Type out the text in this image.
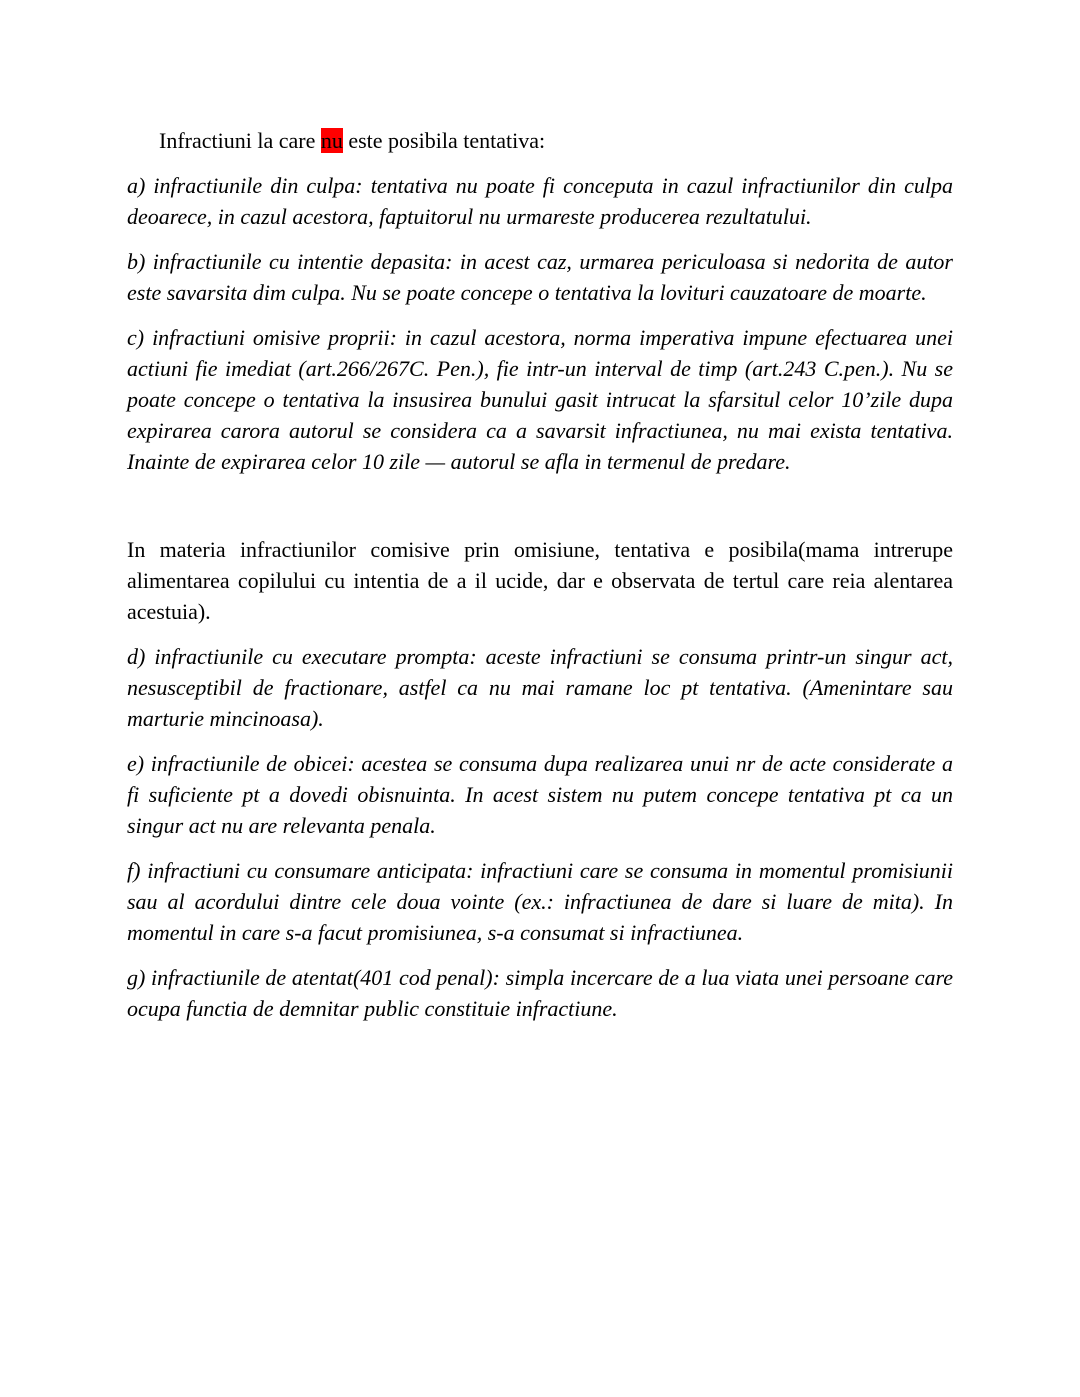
Infractiuni la care nu este posibila tentativa:

a) infractiunile din culpa: tentativa nu poate fi conceputa in cazul infractiunilor din culpa deoarece, in cazul acestora, faptuitorul nu urmareste producerea rezultatului.

b) infractiunile cu intentie depasita: in acest caz, urmarea periculoasa si nedorita de autor este savarsita dim culpa. Nu se poate concepe o tentativa la lovituri cauzatoare de moarte.

c) infractiuni omisive proprii: in cazul acestora, norma imperativa impune efectuarea unei actiuni fie imediat (art.266/267C. Pen.), fie intr-un interval de timp (art.243 C.pen.). Nu se poate concepe o tentativa la insusirea bunului gasit intrucat la sfarsitul celor 10’zile dupa expirarea carora autorul se considera ca a savarsit infractiunea, nu mai exista tentativa. Inainte de expirarea celor 10 zile — autorul se afla in termenul de predare.

In materia infractiunilor comisive prin omisiune, tentativa e posibila(mama intrerupe alimentarea copilului cu intentia de a il ucide, dar e observata de tertul care reia alentarea acestuia).

d) infractiunile cu executare prompta: aceste infractiuni se consuma printr-un singur act, nesusceptibil de fractionare, astfel ca nu mai ramane loc pt tentativa. (Amenintare sau marturie mincinoasa).

e) infractiunile de obicei: acestea se consuma dupa realizarea unui nr de acte considerate a fi suficiente pt a dovedi obisnuinta. In acest sistem nu putem concepe tentativa pt ca un singur act nu are relevanta penala.

f) infractiuni cu consumare anticipata: infractiuni care se consuma in momentul promisiunii sau al acordului dintre cele doua vointe (ex.: infractiunea de dare si luare de mita). In momentul in care s-a facut promisiunea, s-a consumat si infractiunea.

g) infractiunile de atentat(401 cod penal): simpla incercare de a lua viata unei persoane care ocupa functia de demnitar public constituie infractiune.
